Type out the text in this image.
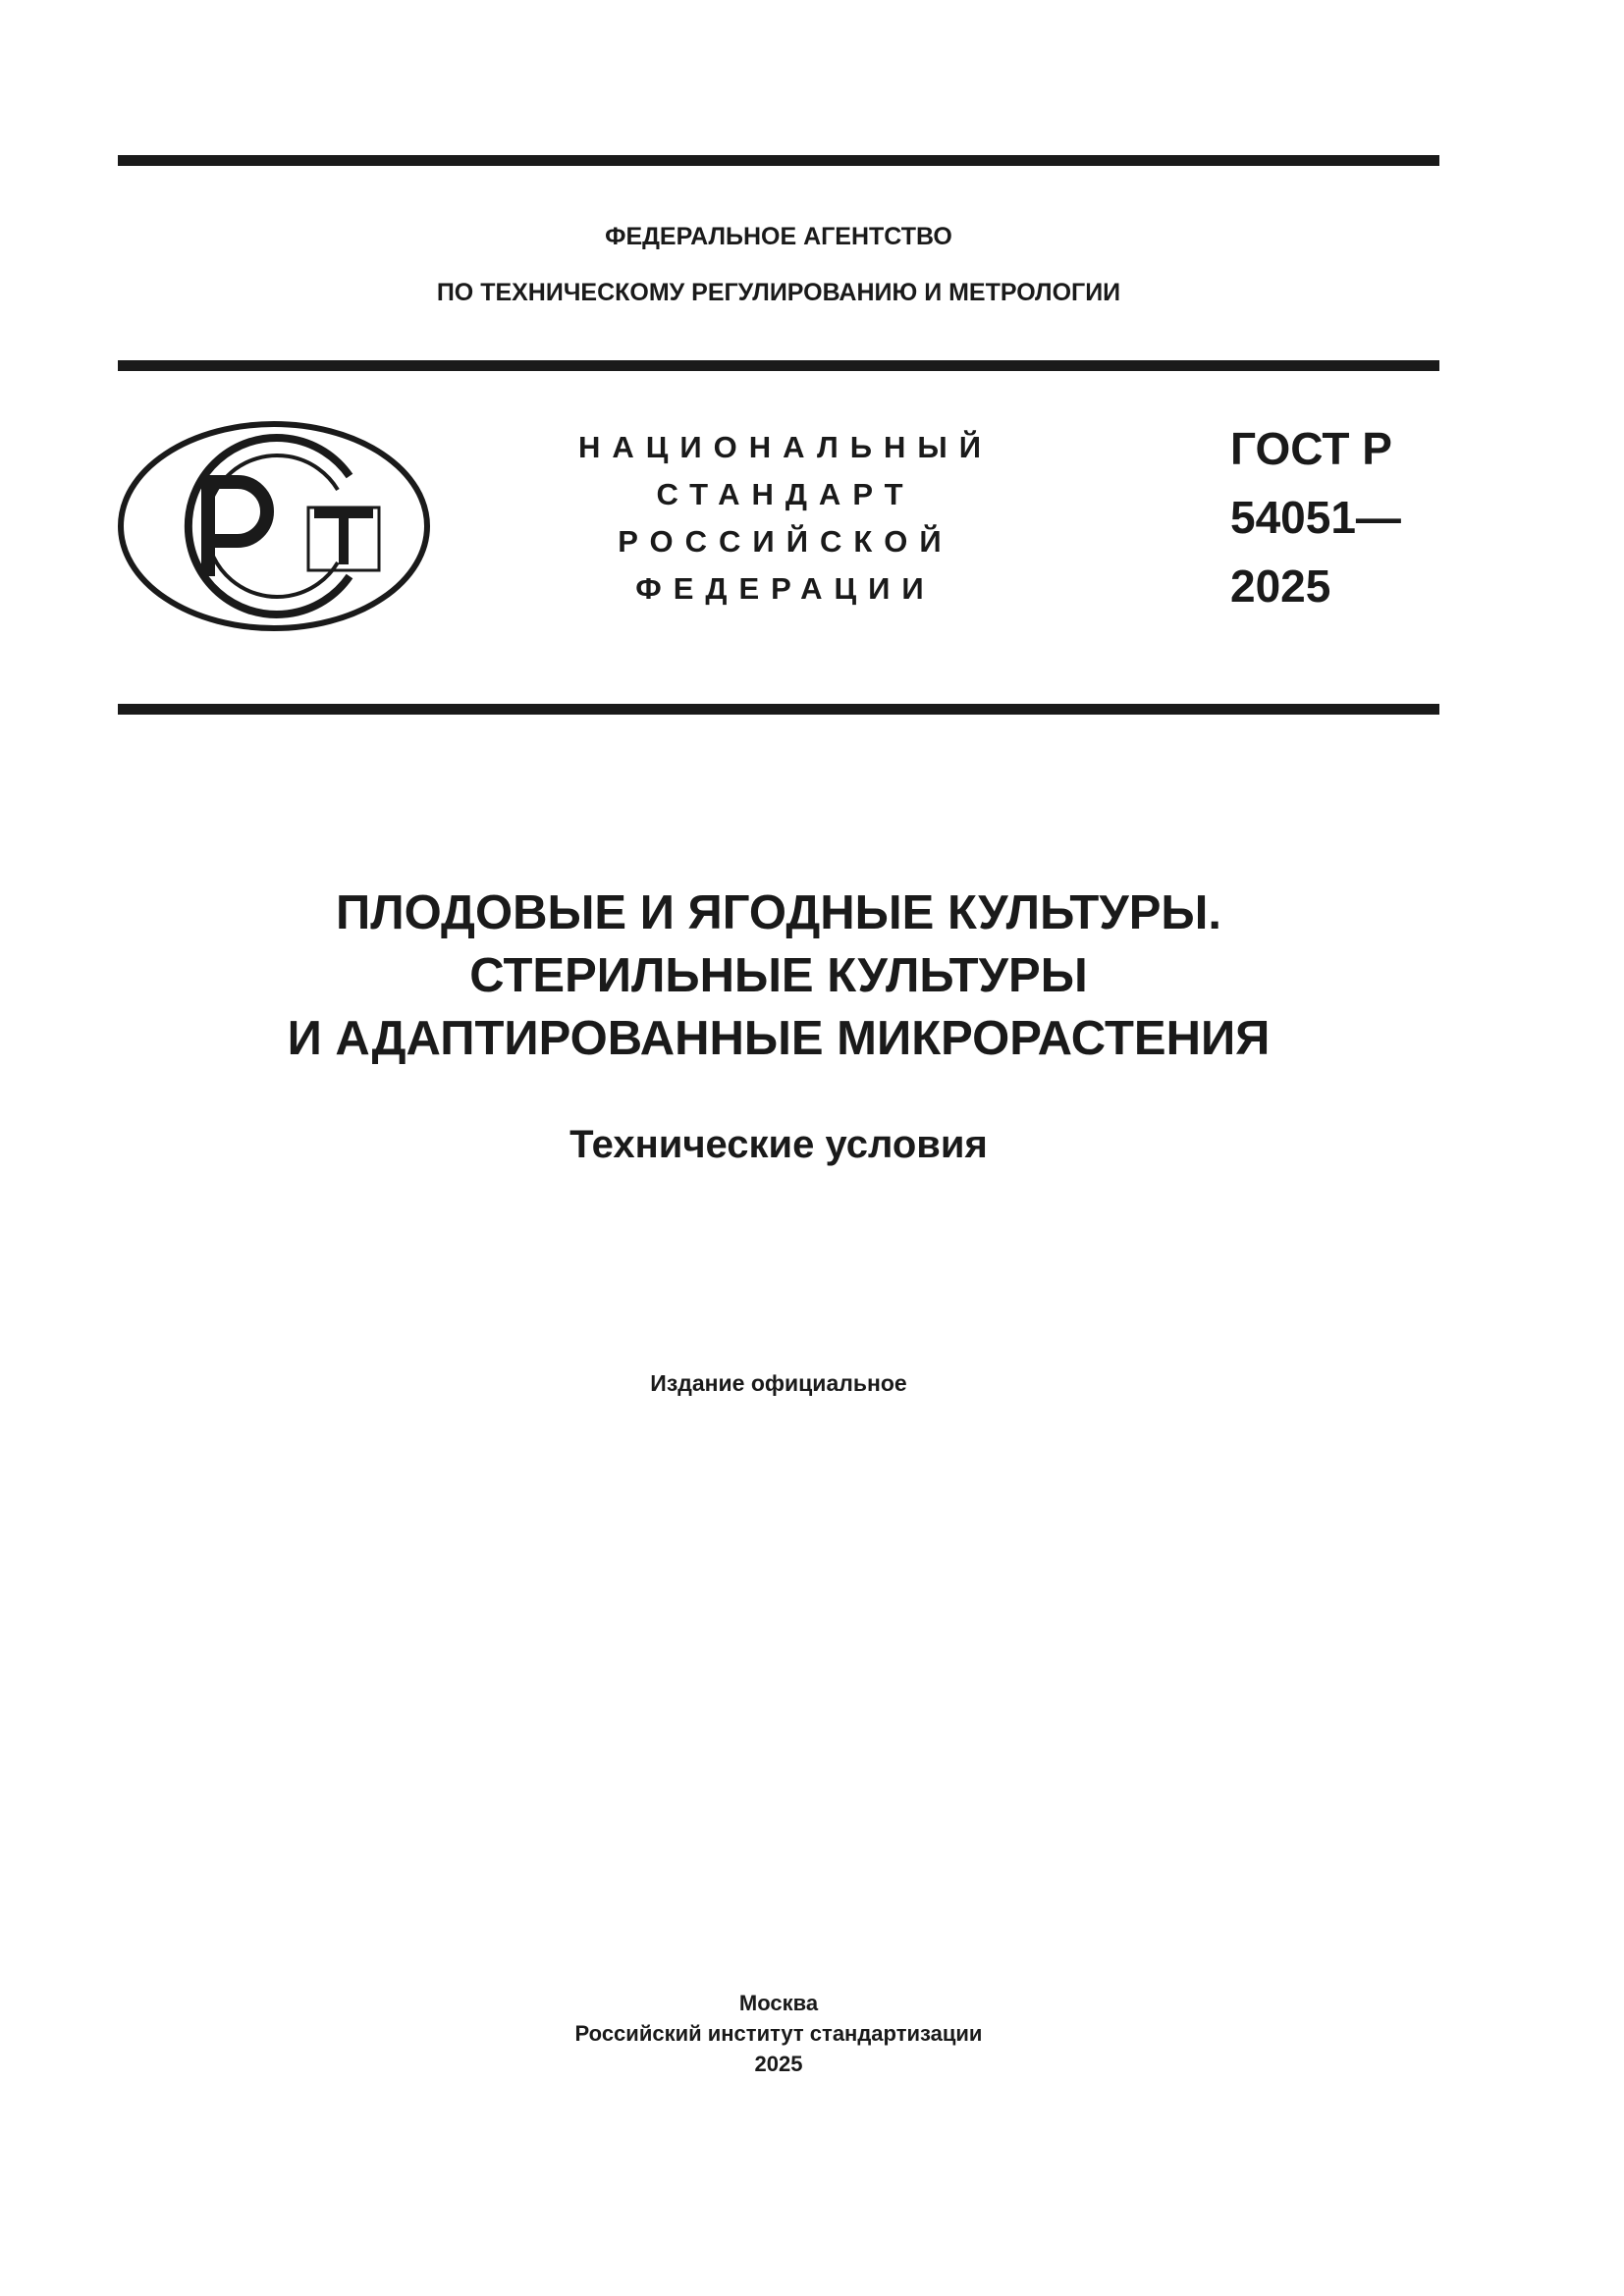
ФЕДЕРАЛЬНОЕ АГЕНТСТВО
ПО ТЕХНИЧЕСКОМУ РЕГУЛИРОВАНИЮ И МЕТРОЛОГИИ
НАЦИОНАЛЬНЫЙ
СТАНДАРТ
РОССИЙСКОЙ
ФЕДЕРАЦИИ
ГОСТ Р
54051—
2025
ПЛОДОВЫЕ И ЯГОДНЫЕ КУЛЬТУРЫ.
СТЕРИЛЬНЫЕ КУЛЬТУРЫ
И АДАПТИРОВАННЫЕ МИКРОРАСТЕНИЯ
Технические условия
Издание официальное
Москва
Российский институт стандартизации
2025
